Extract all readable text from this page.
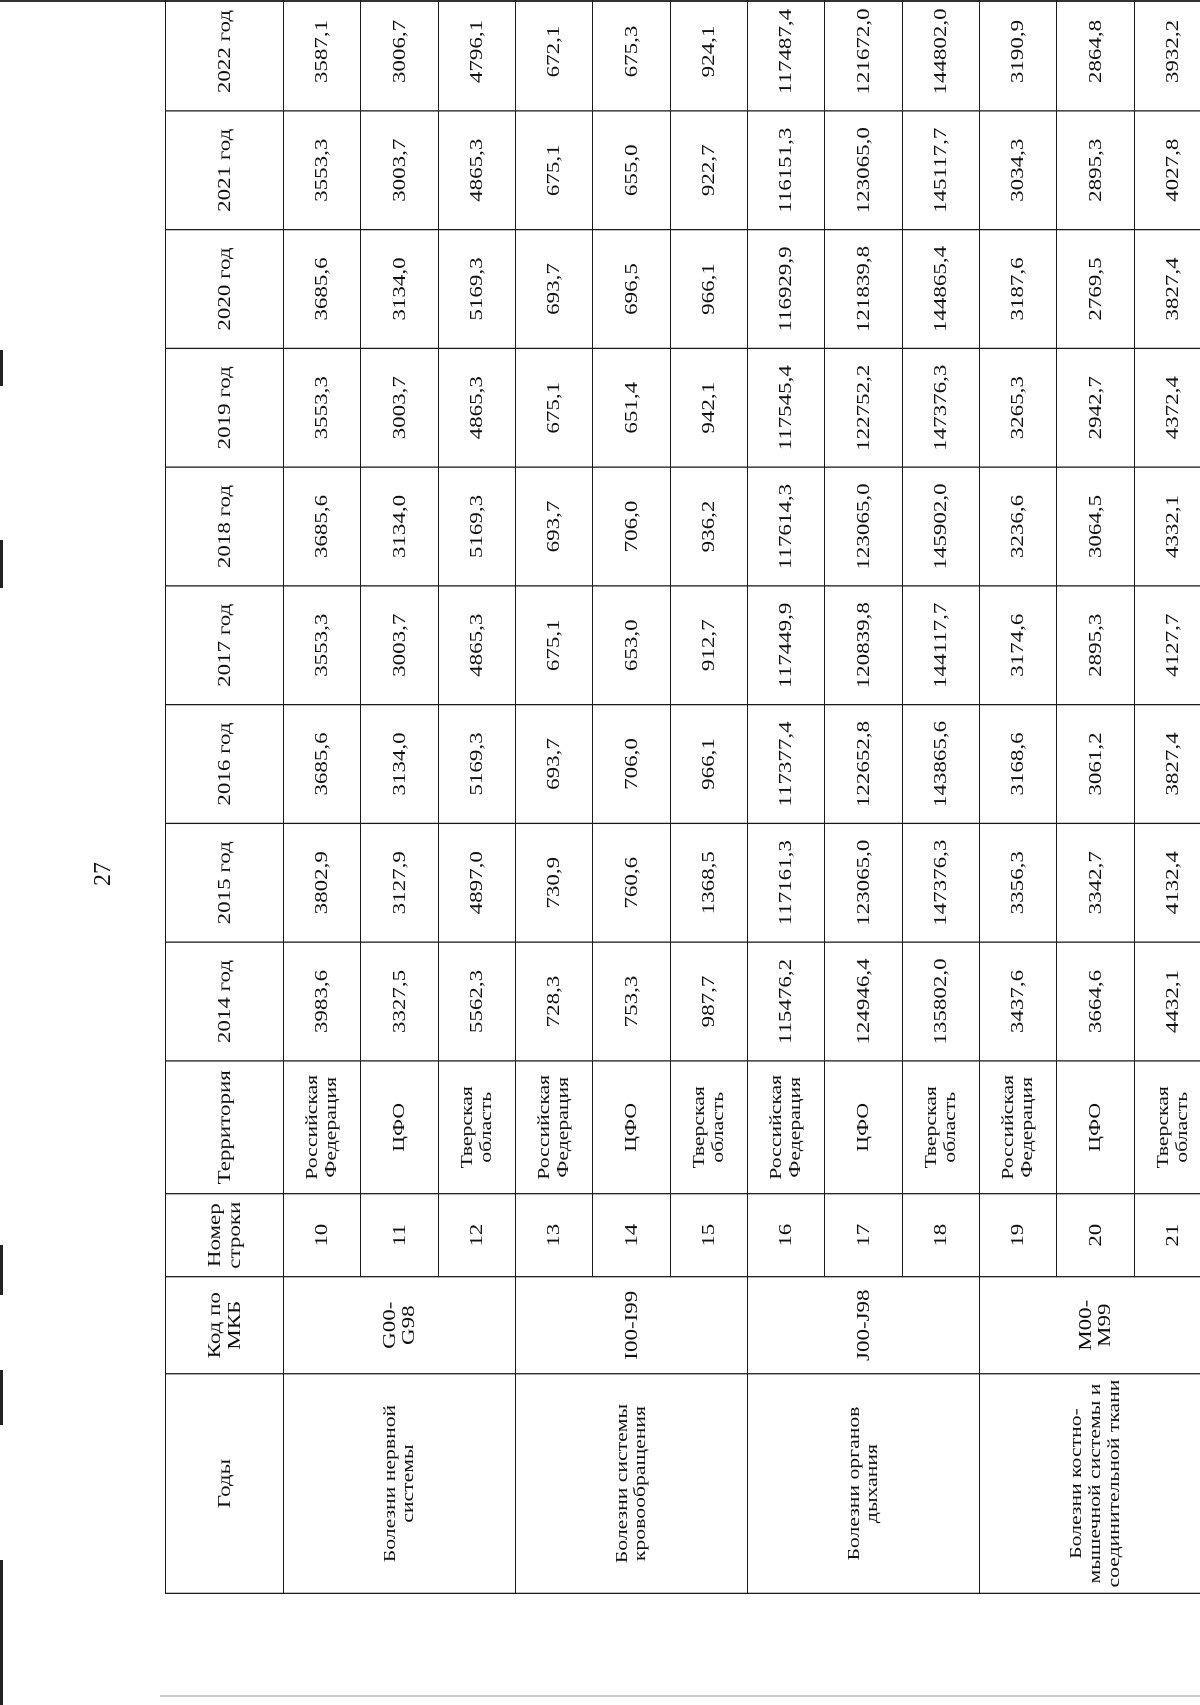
27
Годы	Код по МКБ	Номер строки	Территория	2014 год	2015 год	2016 год	2017 год	2018 год	2019 год	2020 год	2021 год	2022 год	
Болезни нервной системы	G00-G98	10	Российская Федерация	3983,6	3802,9	3685,6	3553,3	3685,6	3553,3	3685,6	3553,3	3587,1	
		11	ЦФО	3327,5	3127,9	3134,0	3003,7	3134,0	3003,7	3134,0	3003,7	3006,7	
		12	Тверская область	5562,3	4897,0	5169,3	4865,3	5169,3	4865,3	5169,3	4865,3	4796,1	
Болезни системы кровообращения	I00-I99	13	Российская Федерация	728,3	730,9	693,7	675,1	693,7	675,1	693,7	675,1	672,1	
		14	ЦФО	753,3	760,6	706,0	653,0	706,0	651,4	696,5	655,0	675,3	
		15	Тверская область	987,7	1368,5	966,1	912,7	936,2	942,1	966,1	922,7	924,1	
Болезни органов дыхания	J00-J98	16	Российская Федерация	115476,2	117161,3	117377,4	117449,9	117614,3	117545,4	116929,9	116151,3	117487,4	
		17	ЦФО	124946,4	123065,0	122652,8	120839,8	123065,0	122752,2	121839,8	123065,0	121672,0	
		18	Тверская область	135802,0	147376,3	143865,6	144117,7	145902,0	147376,3	144865,4	145117,7	144802,0	
Болезни костно-мышечной системы и соединительной ткани	M00-M99	19	Российская Федерация	3437,6	3356,3	3168,6	3174,6	3236,6	3265,3	3187,6	3034,3	3190,9	
		20	ЦФО	3664,6	3342,7	3061,2	2895,3	3064,5	2942,7	2769,5	2895,3	2864,8	
		21	Тверская область	4432,1	4132,4	3827,4	4127,7	4332,1	4372,4	3827,4	4027,8	3932,2	
